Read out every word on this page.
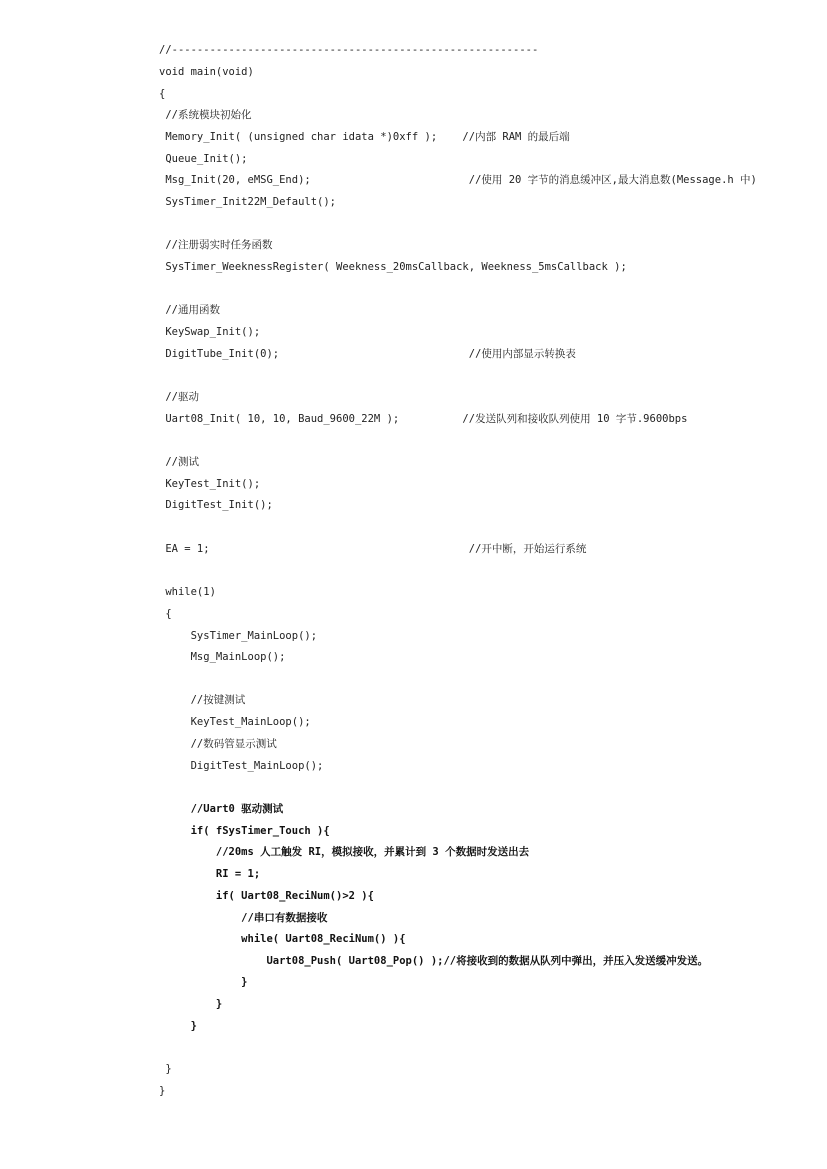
//----------------------------------------------------------
void main(void)
{
//系统模块初始化
Memory_Init( (unsigned char idata *)0xff );    //内部 RAM 的最后端
Queue_Init();
Msg_Init(20, eMSG_End);                         //使用 20 字节的消息缓冲区,最大消息数(Message.h 中)
SysTimer_Init22M_Default();
//注册弱实时任务函数
SysTimer_WeeknessRegister( Weekness_20msCallback, Weekness_5msCallback );
//通用函数
KeySwap_Init();
DigitTube_Init(0);                              //使用内部显示转换表
//驱动
Uart08_Init( 10, 10, Baud_9600_22M );          //发送队列和接收队列使用 10 字节.9600bps
//测试
KeyTest_Init();
DigitTest_Init();
EA = 1;                                         //开中断，开始运行系统
while(1)
{
SysTimer_MainLoop();
Msg_MainLoop();
//按键测试
KeyTest_MainLoop();
//数码管显示测试
DigitTest_MainLoop();
//Uart0 驱动测试
if( fSysTimer_Touch ){
//20ms 人工触发 RI，模拟接收，并累计到 3 个数据时发送出去
RI = 1;
if( Uart08_ReciNum()>2 ){
//串口有数据接收
while( Uart08_ReciNum() ){
Uart08_Push( Uart08_Pop() );//将接收到的数据从队列中弹出，并压入发送缓冲发送。
}
}
}
}
}
